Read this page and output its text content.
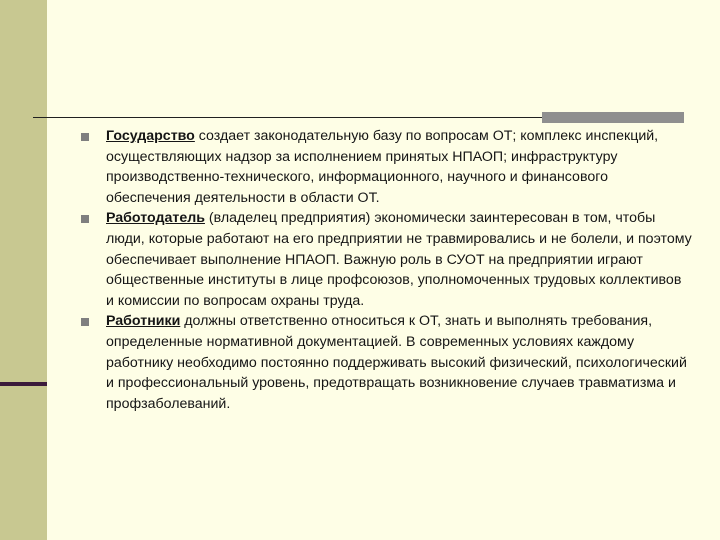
Государство создает законодательную базу по вопросам ОТ; комплекс инспекций, осуществляющих надзор за исполнением принятых НПАОП; инфраструктуру производственно-технического, информационного, научного и финансового обеспечения деятельности в области ОТ.
Работодатель (владелец предприятия) экономически заинтересован в том, чтобы люди, которые работают на его предприятии не травмировались и не болели, и поэтому обеспечивает выполнение НПАОП. Важную роль в СУОТ на предприятии играют общественные институты в лице профсоюзов, уполномоченных трудовых коллективов и комиссии по вопросам охраны труда.
Работники должны ответственно относиться к ОТ, знать и выполнять требования, определенные нормативной документацией. В современных условиях каждому работнику необходимо постоянно поддерживать высокий физический, психологический и профессиональный уровень, предотвращать возникновение случаев травматизма и профзаболеваний.
